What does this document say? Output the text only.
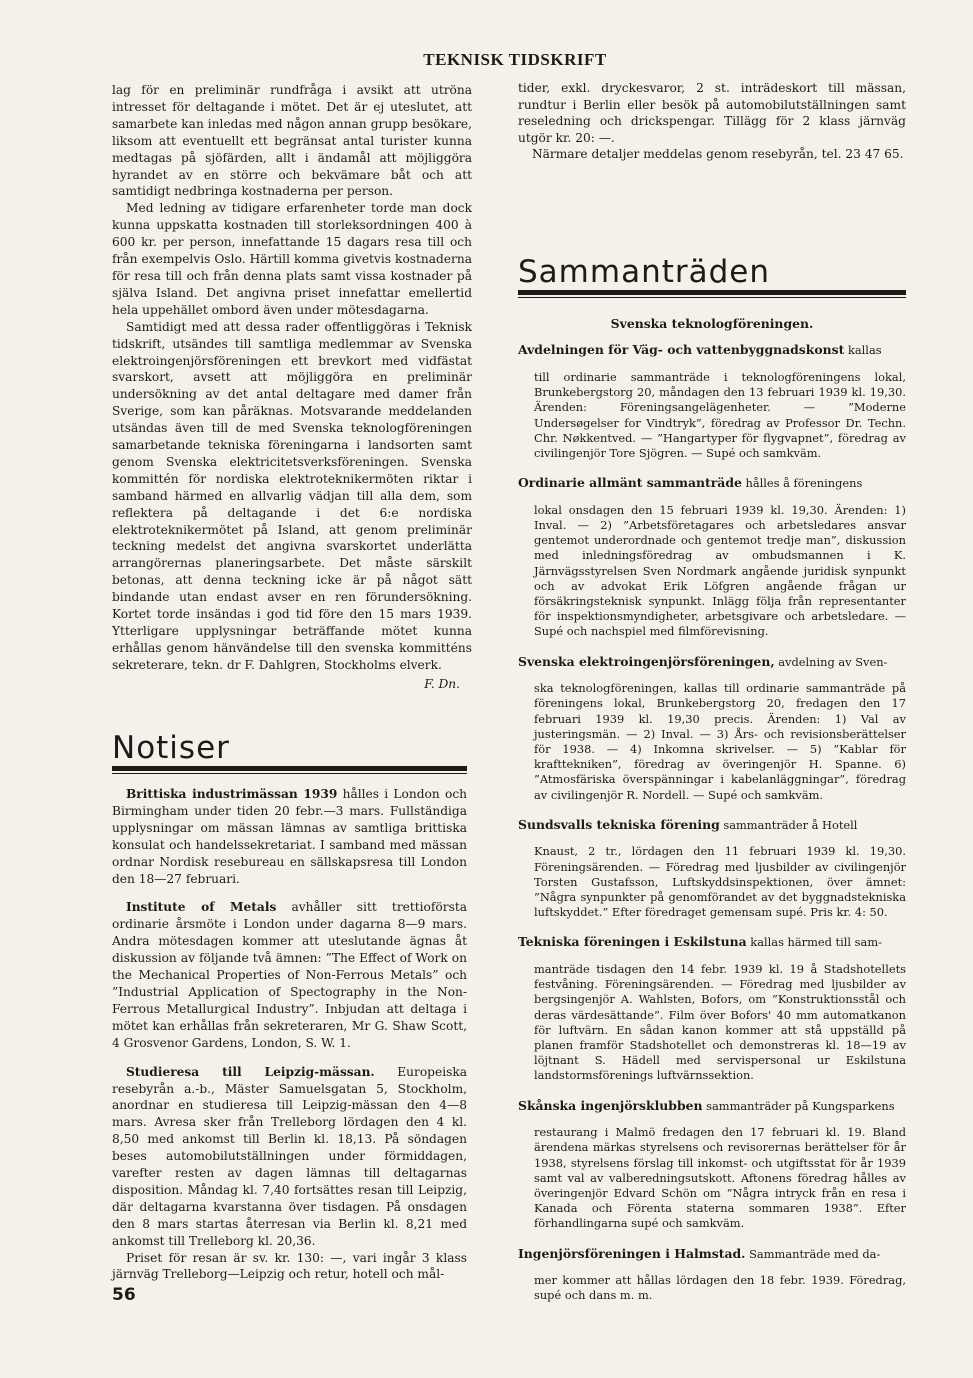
TEKNISK TIDSKRIFT

lag för en preliminär rundfråga i avsikt att utröna intresset för deltagande i mötet. Det är ej uteslutet, att samarbete kan inledas med någon annan grupp besökare, liksom att eventuellt ett begränsat antal turister kunna medtagas på sjöfärden, allt i ändamål att möjliggöra hyrandet av en större och bekvämare båt och att samtidigt nedbringa kostnaderna per person.

Med ledning av tidigare erfarenheter torde man dock kunna uppskatta kostnaden till storleksordningen 400 à 600 kr. per person, innefattande 15 dagars resa till och från exempelvis Oslo. Härtill komma givetvis kostnaderna för resa till och från denna plats samt vissa kostnader på själva Island. Det angivna priset innefattar emellertid hela uppehället ombord även under mötesdagarna.

Samtidigt med att dessa rader offentliggöras i Teknisk tidskrift, utsändes till samtliga medlemmar av Svenska elektroingenjörsföreningen ett brevkort med vidfästat svarskort, avsett att möjliggöra en preliminär undersökning av det antal deltagare med damer från Sverige, som kan påräknas. Motsvarande meddelanden utsändas även till de med Svenska teknologföreningen samarbetande tekniska föreningarna i landsorten samt genom Svenska elektricitetsverksföreningen. Svenska kommittén för nordiska elektroteknikermöten riktar i samband härmed en allvarlig vädjan till alla dem, som reflektera på deltagande i det 6:e nordiska elektroteknikermötet på Island, att genom preliminär teckning medelst det angivna svarskortet underlätta arrangörernas planeringsarbete. Det måste särskilt betonas, att denna teckning icke är på något sätt bindande utan endast avser en ren förundersökning. Kortet torde insändas i god tid före den 15 mars 1939. Ytterligare upplysningar beträffande mötet kunna erhållas genom hänvändelse till den svenska kommitténs sekreterare, tekn. dr F. Dahlgren, Stockholms elverk.

F. Dn.

Notiser

Brittiska industrimässan 1939 hålles i London och Birmingham under tiden 20 febr.—3 mars. Fullständiga upplysningar om mässan lämnas av samtliga brittiska konsulat och handelssekretariat. I samband med mässan ordnar Nordisk resebureau en sällskapsresa till London den 18—27 februari.

Institute of Metals avhåller sitt trettioförsta ordinarie årsmöte i London under dagarna 8—9 mars. Andra mötesdagen kommer att uteslutande ägnas åt diskussion av följande två ämnen: ”The Effect of Work on the Mechanical Properties of Non-Ferrous Metals” och ”Industrial Application of Spectography in the Non-Ferrous Metallurgical Industry”. Inbjudan att deltaga i mötet kan erhållas från sekreteraren, Mr G. Shaw Scott, 4 Grosvenor Gardens, London, S. W. 1.

Studieresa till Leipzig-mässan. Europeiska resebyrån a.-b., Mäster Samuelsgatan 5, Stockholm, anordnar en studieresa till Leipzig-mässan den 4—8 mars. Avresa sker från Trelleborg lördagen den 4 kl. 8,50 med ankomst till Berlin kl. 18,13. På söndagen beses automobilutställningen under förmiddagen, varefter resten av dagen lämnas till deltagarnas disposition. Måndag kl. 7,40 fortsättes resan till Leipzig, där deltagarna kvarstanna över tisdagen. På onsdagen den 8 mars startas återresan via Berlin kl. 8,21 med ankomst till Trelleborg kl. 20,36.

Priset för resan är sv. kr. 130: —, vari ingår 3 klass järnväg Trelleborg—Leipzig och retur, hotell och mål-

tider, exkl. dryckesvaror, 2 st. inträdeskort till mässan, rundtur i Berlin eller besök på automobilutställningen samt reseledning och drickspengar. Tillägg för 2 klass järnväg utgör kr. 20: —.

Närmare detaljer meddelas genom resebyrån, tel. 23 47 65.

Sammanträden

Svenska teknologföreningen.

Avdelningen för Väg- och vattenbyggnadskonst kallas

till ordinarie sammanträde i teknologföreningens lokal, Brunkebergstorg 20, måndagen den 13 februari 1939 kl. 19,30. Ärenden: Föreningsangelägenheter. — ”Moderne Undersøgelser for Vindtryk”, föredrag av Professor Dr. Techn. Chr. Nøkkentved. — ”Hangartyper för flygvapnet”, föredrag av civilingenjör Tore Sjögren. — Supé och samkväm.

Ordinarie allmänt sammanträde hålles å föreningens

lokal onsdagen den 15 februari 1939 kl. 19,30. Ärenden: 1) Inval. — 2) ”Arbetsföretagares och arbetsledares ansvar gentemot underordnade och gentemot tredje man”, diskussion med inledningsföredrag av ombudsmannen i K. Järnvägsstyrelsen Sven Nordmark angående juridisk synpunkt och av advokat Erik Löfgren angående frågan ur försäkringsteknisk synpunkt. Inlägg följa från representanter för inspektionsmyndigheter, arbetsgivare och arbetsledare. — Supé och nachspiel med filmförevisning.

Svenska elektroingenjörsföreningen, avdelning av Sven-

ska teknologföreningen, kallas till ordinarie sammanträde på föreningens lokal, Brunkebergstorg 20, fredagen den 17 februari 1939 kl. 19,30 precis. Ärenden: 1) Val av justeringsmän. — 2) Inval. — 3) Års- och revisionsberättelser för 1938. — 4) Inkomna skrivelser. — 5) ”Kablar för krafttekniken”, föredrag av överingenjör H. Spanne. 6) ”Atmosfäriska överspänningar i kabelanläggningar”, föredrag av civilingenjör R. Nordell. — Supé och samkväm.

Sundsvalls tekniska förening sammanträder å Hotell

Knaust, 2 tr., lördagen den 11 februari 1939 kl. 19,30. Föreningsärenden. — Föredrag med ljusbilder av civilingenjör Torsten Gustafsson, Luftskyddsinspektionen, över ämnet: ”Några synpunkter på genomförandet av det byggnadstekniska luftskyddet.” Efter föredraget gemensam supé. Pris kr. 4: 50.

Tekniska föreningen i Eskilstuna kallas härmed till sam-

manträde tisdagen den 14 febr. 1939 kl. 19 å Stadshotellets festvåning. Föreningsärenden. — Föredrag med ljusbilder av bergsingenjör A. Wahlsten, Bofors, om ”Konstruktionsstål och deras värdesättande”. Film över Bofors' 40 mm automatkanon för luftvärn. En sådan kanon kommer att stå uppställd på planen framför Stadshotellet och demonstreras kl. 18—19 av löjtnant S. Hädell med servispersonal ur Eskilstuna landstormsförenings luftvärnssektion.

Skånska ingenjörsklubben sammanträder på Kungsparkens

restaurang i Malmö fredagen den 17 februari kl. 19. Bland ärendena märkas styrelsens och revisorernas berättelser för år 1938, styrelsens förslag till inkomst- och utgiftsstat för år 1939 samt val av valberedningsutskott. Aftonens föredrag hålles av överingenjör Edvard Schön om ”Några intryck från en resa i Kanada och Förenta staterna sommaren 1938”. Efter förhandlingarna supé och samkväm.

Ingenjörsföreningen i Halmstad. Sammanträde med da-

mer kommer att hållas lördagen den 18 febr. 1939. Föredrag, supé och dans m. m.

56
